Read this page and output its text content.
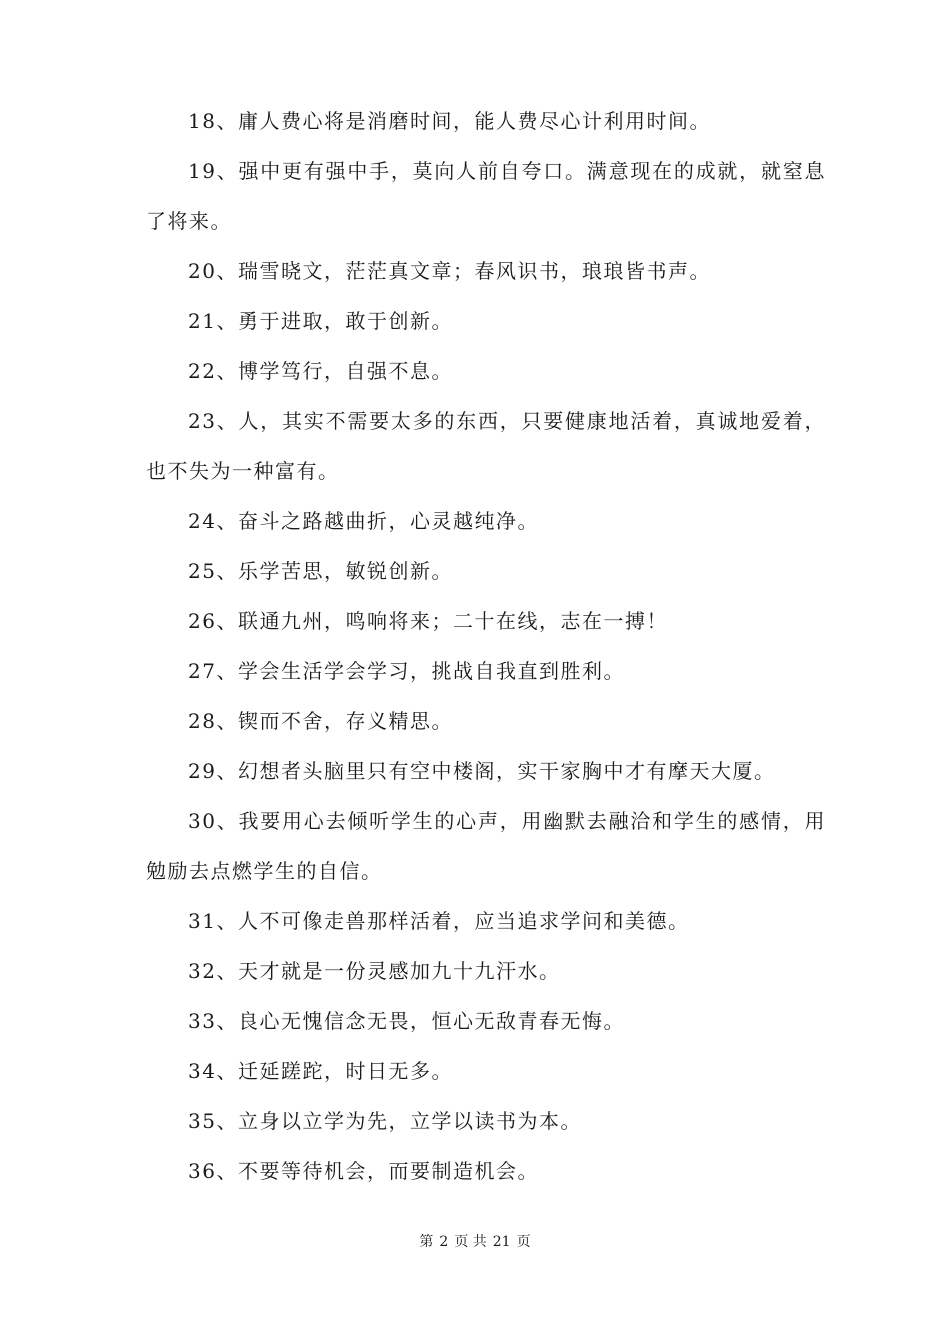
18、庸人费心将是消磨时间，能人费尽心计利用时间。

19、强中更有强中手，莫向人前自夸口。满意现在的成就，就窒息了将来。

20、瑞雪晓文，茫茫真文章；春风识书，琅琅皆书声。

21、勇于进取，敢于创新。

22、博学笃行，自强不息。

23、人，其实不需要太多的东西，只要健康地活着，真诚地爱着，也不失为一种富有。

24、奋斗之路越曲折，心灵越纯净。

25、乐学苦思，敏锐创新。

26、联通九州，鸣响将来；二十在线，志在一搏！

27、学会生活学会学习，挑战自我直到胜利。

28、锲而不舍，存义精思。

29、幻想者头脑里只有空中楼阁，实干家胸中才有摩天大厦。

30、我要用心去倾听学生的心声，用幽默去融洽和学生的感情，用勉励去点燃学生的自信。

31、人不可像走兽那样活着，应当追求学问和美德。

32、天才就是一份灵感加九十九汗水。

33、良心无愧信念无畏，恒心无敌青春无悔。

34、迁延蹉跎，时日无多。

35、立身以立学为先，立学以读书为本。

36、不要等待机会，而要制造机会。

第 2 页 共 21 页
